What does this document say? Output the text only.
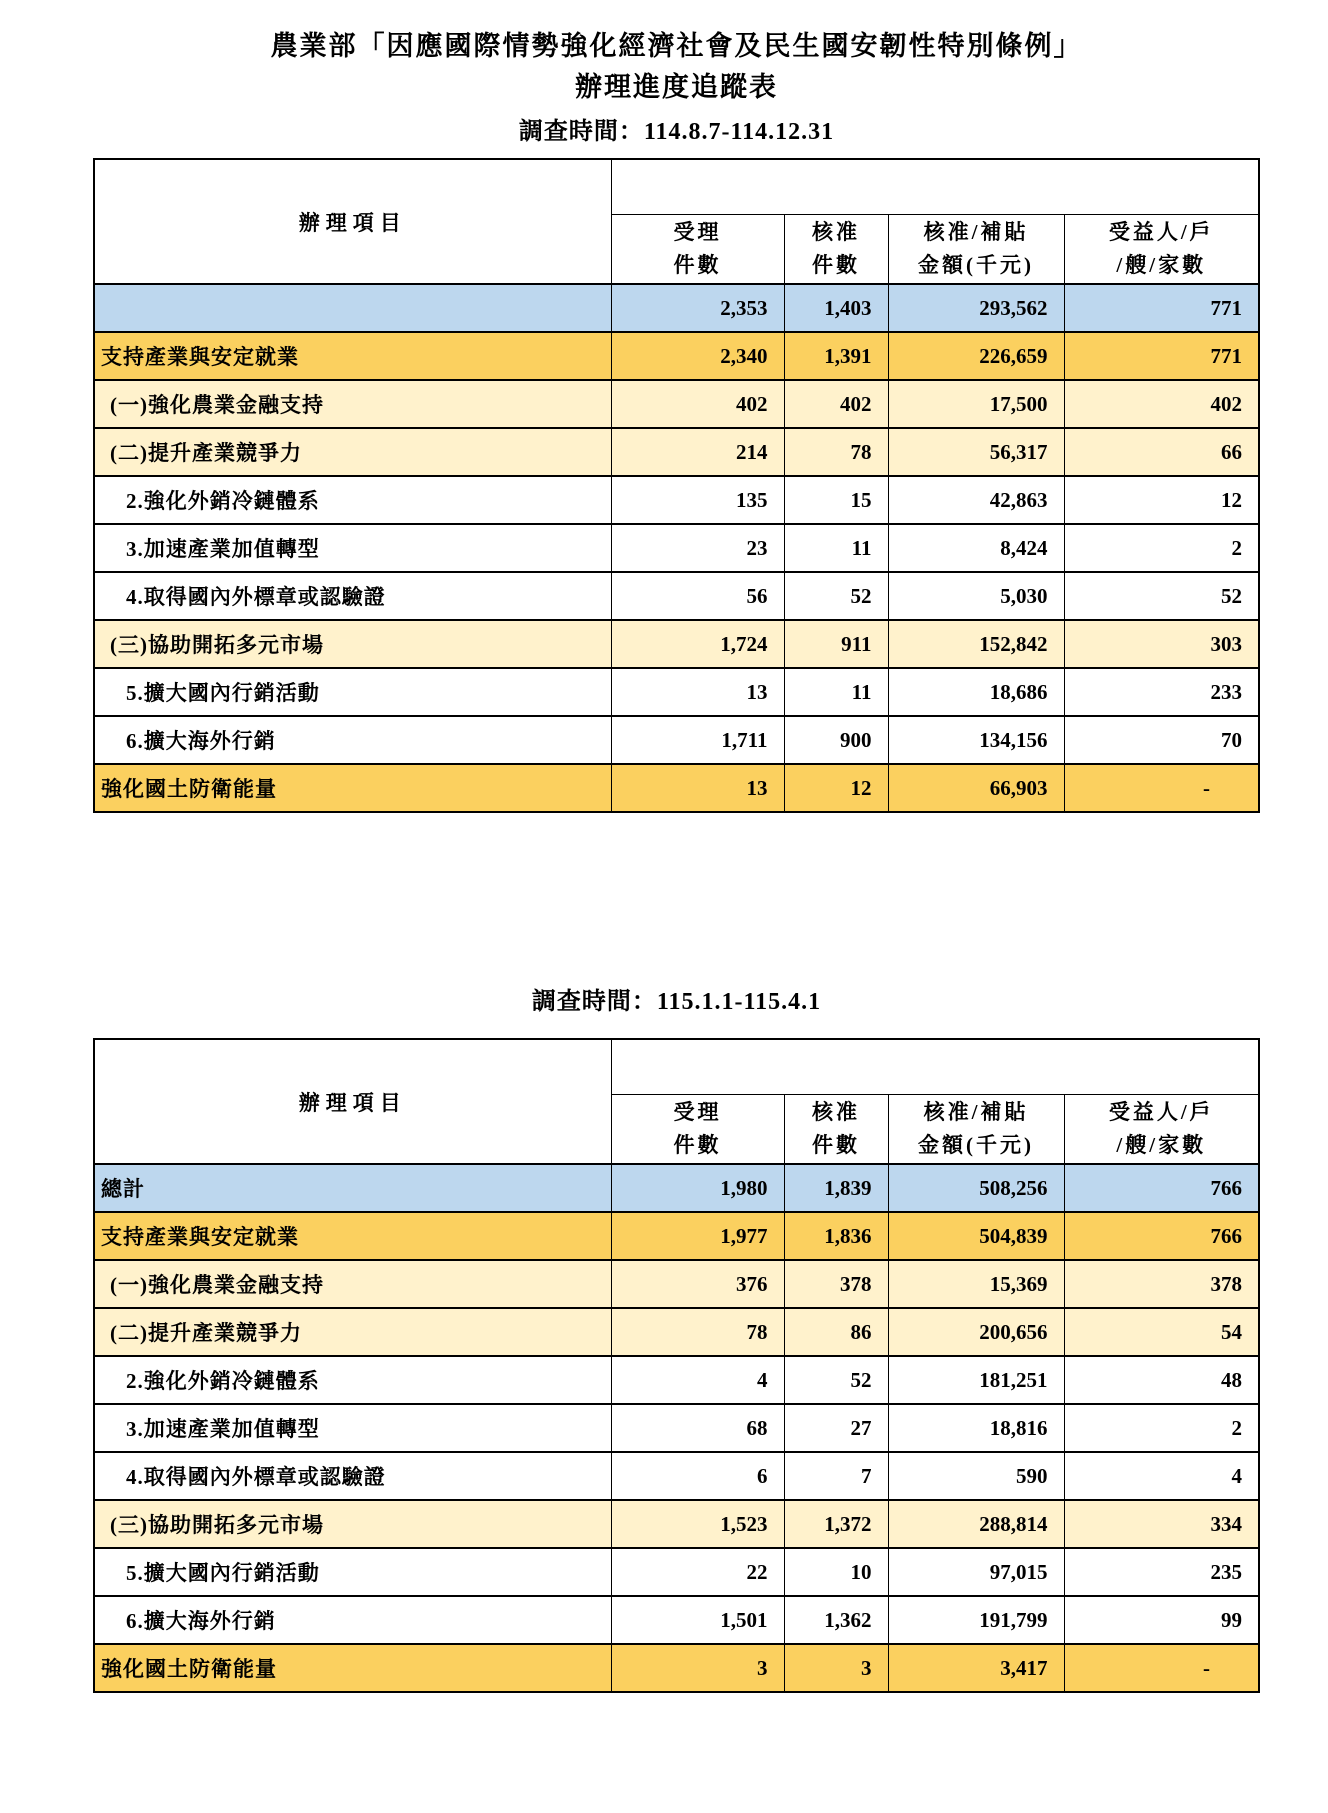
農業部「因應國際情勢強化經濟社會及民生國安韌性特別條例」
辦理進度追蹤表
調查時間：114.8.7-114.12.31
辦理項目				

受理
件數

核准
件數

核准/補貼
金額(千元)

受益人/戶
/艘/家數

	2,353	1,403	293,562	771
支持產業與安定就業	2,340	1,391	226,659	771
(一)強化農業金融支持	402	402	17,500	402
(二)提升產業競爭力	214	78	56,317	66
2.強化外銷冷鏈體系	135	15	42,863	12
3.加速產業加值轉型	23	11	8,424	2
4.取得國內外標章或認驗證	56	52	5,030	52
(三)協助開拓多元市場	1,724	911	152,842	303
5.擴大國內行銷活動	13	11	18,686	233
6.擴大海外行銷	1,711	900	134,156	70
強化國土防衛能量	13	12	66,903	-
調查時間：115.1.1-115.4.1
辦理項目				

受理
件數

核准
件數

核准/補貼
金額(千元)

受益人/戶
/艘/家數

總計	1,980	1,839	508,256	766
支持產業與安定就業	1,977	1,836	504,839	766
(一)強化農業金融支持	376	378	15,369	378
(二)提升產業競爭力	78	86	200,656	54
2.強化外銷冷鏈體系	4	52	181,251	48
3.加速產業加值轉型	68	27	18,816	2
4.取得國內外標章或認驗證	6	7	590	4
(三)協助開拓多元市場	1,523	1,372	288,814	334
5.擴大國內行銷活動	22	10	97,015	235
6.擴大海外行銷	1,501	1,362	191,799	99
強化國土防衛能量	3	3	3,417	-
